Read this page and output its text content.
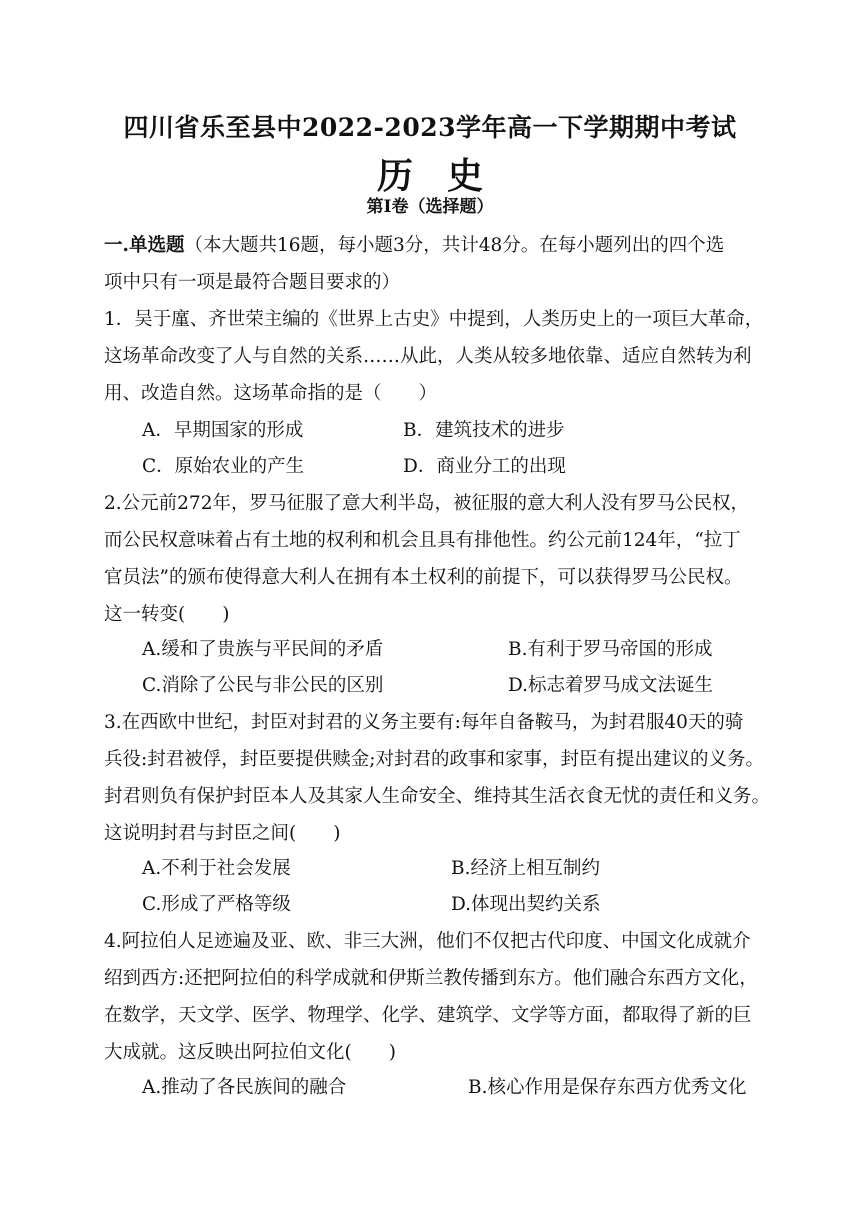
四川省乐至县中2022-2023学年高一下学期期中考试
历史
第Ⅰ卷（选择题）
一.单选题（本大题共16题，每小题3分，共计48分。在每小题列出的四个选
项中只有一项是最符合题目要求的）
1．吴于廑、齐世荣主编的《世界上古史》中提到，人类历史上的一项巨大革命，
这场革命改变了人与自然的关系……从此，人类从较多地依靠、适应自然转为利
用、改造自然。这场革命指的是（　　）
A．早期国家的形成	B．建筑技术的进步
C．原始农业的产生	D．商业分工的出现
2.公元前272年，罗马征服了意大利半岛，被征服的意大利人没有罗马公民权，
而公民权意味着占有土地的权利和机会且具有排他性。约公元前124年，“拉丁
官员法”的颁布使得意大利人在拥有本土权利的前提下，可以获得罗马公民权。
这一转变(　　)
A.缓和了贵族与平民间的矛盾	B.有利于罗马帝国的形成
C.消除了公民与非公民的区别	D.标志着罗马成文法诞生
3.在西欧中世纪，封臣对封君的义务主要有:每年自备鞍马，为封君服40天的骑
兵役:封君被俘，封臣要提供赎金;对封君的政事和家事，封臣有提出建议的义务。
封君则负有保护封臣本人及其家人生命安全、维持其生活衣食无忧的责任和义务。
这说明封君与封臣之间(　　)
A.不利于社会发展	B.经济上相互制约
C.形成了严格等级	D.体现出契约关系
4.阿拉伯人足迹遍及亚、欧、非三大洲，他们不仅把古代印度、中国文化成就介
绍到西方:还把阿拉伯的科学成就和伊斯兰教传播到东方。他们融合东西方文化，
在数学，天文学、医学、物理学、化学、建筑学、文学等方面，都取得了新的巨
大成就。这反映出阿拉伯文化(　　)
A.推动了各民族间的融合	B.核心作用是保存东西方优秀文化
